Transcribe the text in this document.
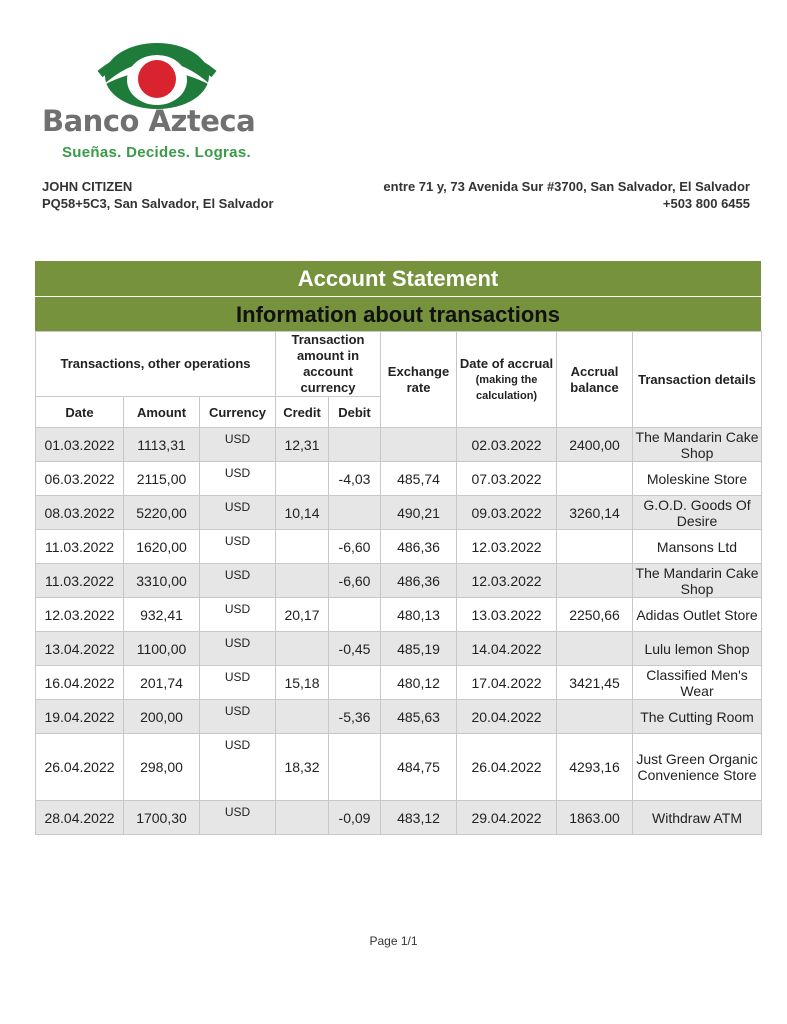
Banco Azteca
Sueñas. Decides. Logras.
JOHN CITIZEN
PQ58+5C3, San Salvador, El Salvador
entre 71 y, 73 Avenida Sur #3700, San Salvador, El Salvador
+503 800 6455
Account Statement
Information about transactions
Transactions, other operations			Transaction amount in account currency		Exchange rate	Date of accrual
(making the calculation)	Accrual balance	Transaction details
Date	Amount	Currency	Credit	Debit				
01.03.2022	1113,31	USD	12,31			02.03.2022	2400,00	The Mandarin Cake Shop
06.03.2022	2115,00	USD		-4,03	485,74	07.03.2022		Moleskine Store
08.03.2022	5220,00	USD	10,14		490,21	09.03.2022	3260,14	G.O.D. Goods Of Desire
11.03.2022	1620,00	USD		-6,60	486,36	12.03.2022		Mansons Ltd
11.03.2022	3310,00	USD		-6,60	486,36	12.03.2022		The Mandarin Cake Shop
12.03.2022	932,41	USD	20,17		480,13	13.03.2022	2250,66	Adidas Outlet Store
13.04.2022	1100,00	USD		-0,45	485,19	14.04.2022		Lulu lemon Shop
16.04.2022	201,74	USD	15,18		480,12	17.04.2022	3421,45	Classified Men's Wear
19.04.2022	200,00	USD		-5,36	485,63	20.04.2022		The Cutting Room
26.04.2022	298,00	USD	18,32		484,75	26.04.2022	4293,16	Just Green Organic Convenience Store
28.04.2022	1700,30	USD		-0,09	483,12	29.04.2022	1863.00	Withdraw ATM
Page 1/1
